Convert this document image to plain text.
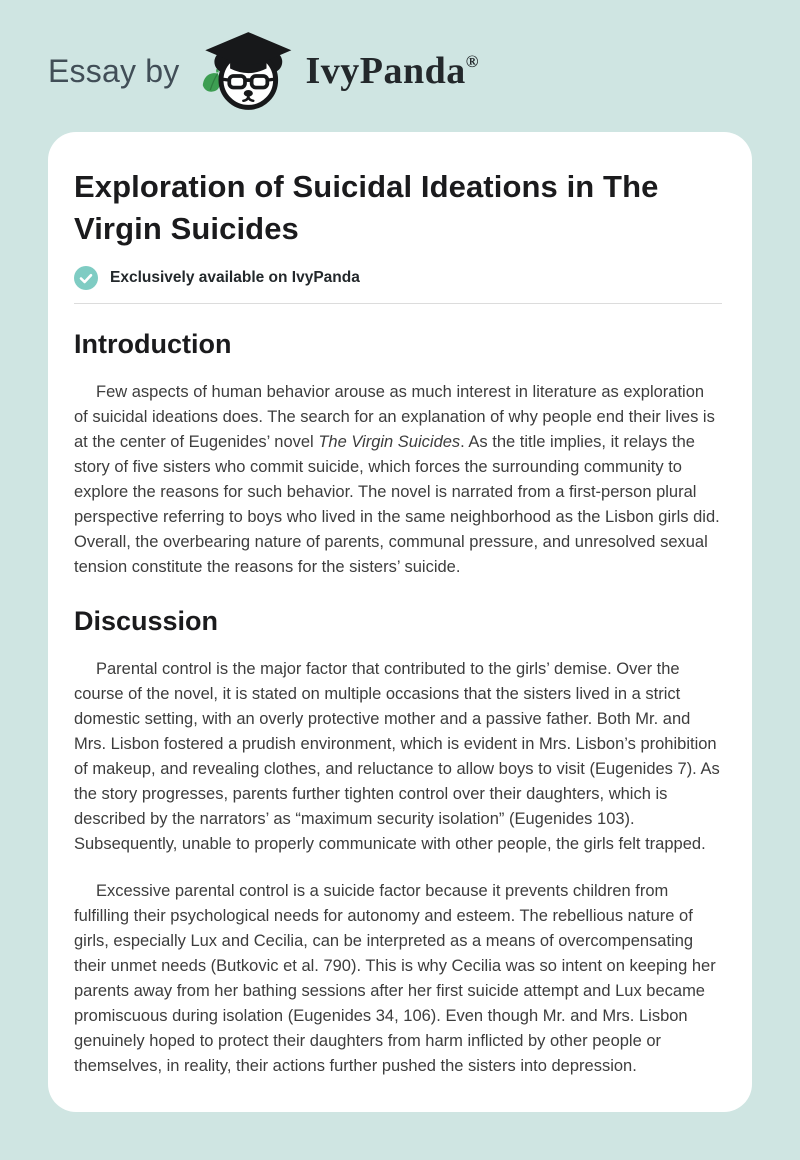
Essay by	IvyPanda®
Exploration of Suicidal Ideations in The Virgin Suicides
Exclusively available on IvyPanda
Introduction

Few aspects of human behavior arouse as much interest in literature as exploration of suicidal ideations does. The search for an explanation of why people end their lives is at the center of Eugenides’ novel The Virgin Suicides. As the title implies, it relays the story of five sisters who commit suicide, which forces the surrounding community to explore the reasons for such behavior. The novel is narrated from a first-person plural perspective referring to boys who lived in the same neighborhood as the Lisbon girls did. Overall, the overbearing nature of parents, communal pressure, and unresolved sexual tension constitute the reasons for the sisters’ suicide.

Discussion

Parental control is the major factor that contributed to the girls’ demise. Over the course of the novel, it is stated on multiple occasions that the sisters lived in a strict domestic setting, with an overly protective mother and a passive father. Both Mr. and Mrs. Lisbon fostered a prudish environment, which is evident in Mrs. Lisbon’s prohibition of makeup, and revealing clothes, and reluctance to allow boys to visit (Eugenides 7). As the story progresses, parents further tighten control over their daughters, which is described by the narrators’ as “maximum security isolation” (Eugenides 103). Subsequently, unable to properly communicate with other people, the girls felt trapped.

Excessive parental control is a suicide factor because it prevents children from fulfilling their psychological needs for autonomy and esteem. The rebellious nature of girls, especially Lux and Cecilia, can be interpreted as a means of overcompensating their unmet needs (Butkovic et al. 790). This is why Cecilia was so intent on keeping her parents away from her bathing sessions after her first suicide attempt and Lux became promiscuous during isolation (Eugenides 34, 106). Even though Mr. and Mrs. Lisbon genuinely hoped to protect their daughters from harm inflicted by other people or themselves, in reality, their actions further pushed the sisters into depression.
